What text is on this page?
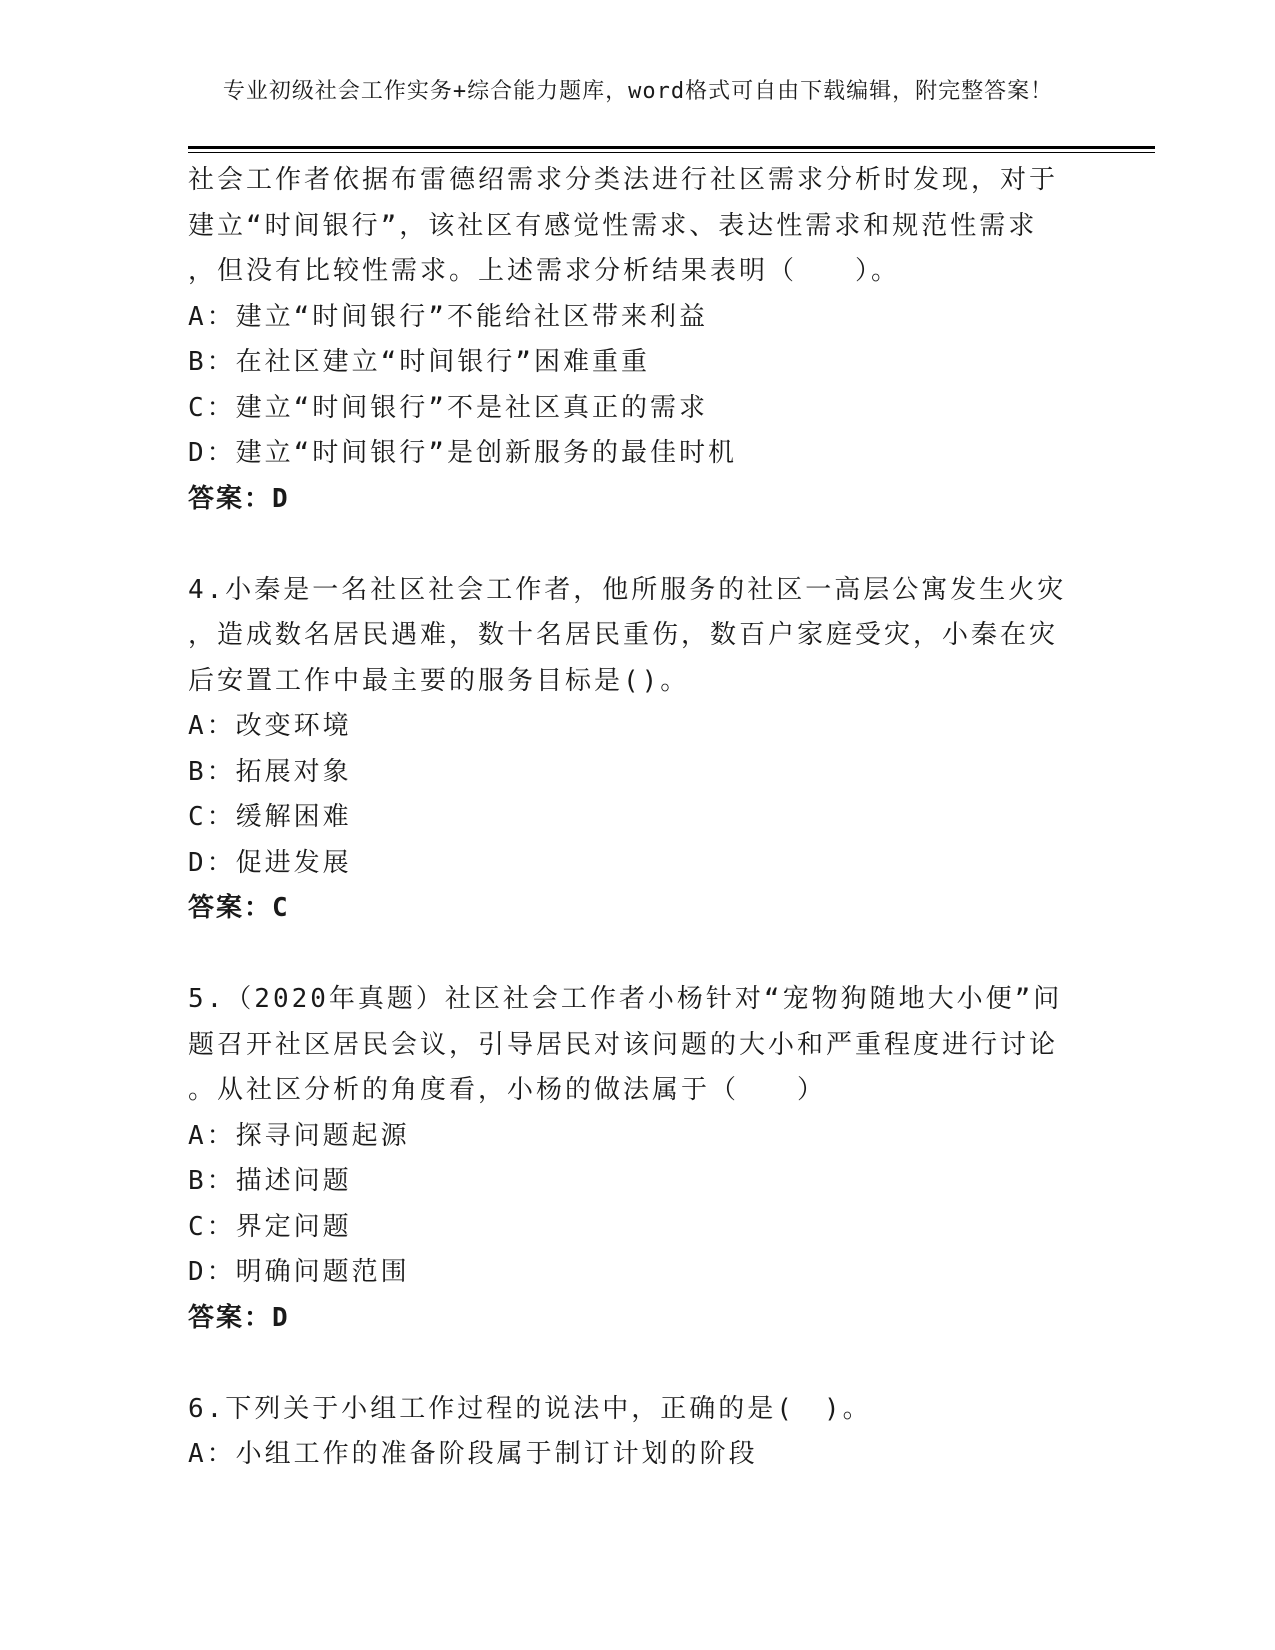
专业初级社会工作实务+综合能力题库，word格式可自由下载编辑，附完整答案！
社会工作者依据布雷德绍需求分类法进行社区需求分析时发现，对于
建立“时间银行”，该社区有感觉性需求、表达性需求和规范性需求
，但没有比较性需求。上述需求分析结果表明（　　）。
A：建立“时间银行”不能给社区带来利益
B：在社区建立“时间银行”困难重重
C：建立“时间银行”不是社区真正的需求
D：建立“时间银行”是创新服务的最佳时机
答案：D
4.小秦是一名社区社会工作者，他所服务的社区一高层公寓发生火灾
，造成数名居民遇难，数十名居民重伤，数百户家庭受灾，小秦在灾
后安置工作中最主要的服务目标是()。
A：改变环境
B：拓展对象
C：缓解困难
D：促进发展
答案：C
5.（2020年真题）社区社会工作者小杨针对“宠物狗随地大小便”问
题召开社区居民会议，引导居民对该问题的大小和严重程度进行讨论
。从社区分析的角度看，小杨的做法属于（　　）
A：探寻问题起源
B：描述问题
C：界定问题
D：明确问题范围
答案：D
6.下列关于小组工作过程的说法中，正确的是(　)。
A：小组工作的准备阶段属于制订计划的阶段
